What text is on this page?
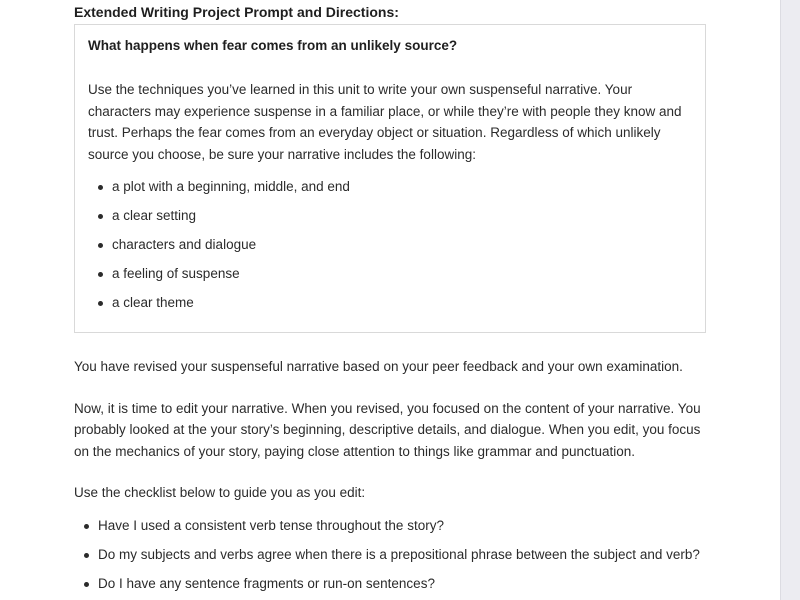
Extended Writing Project Prompt and Directions:
What happens when fear comes from an unlikely source?

Use the techniques you’ve learned in this unit to write your own suspenseful narrative. Your characters may experience suspense in a familiar place, or while they’re with people they know and trust. Perhaps the fear comes from an everyday object or situation. Regardless of which unlikely source you choose, be sure your narrative includes the following:

a plot with a beginning, middle, and end
a clear setting
characters and dialogue
a feeling of suspense
a clear theme

You have revised your suspenseful narrative based on your peer feedback and your own examination.

Now, it is time to edit your narrative. When you revised, you focused on the content of your narrative. You probably looked at the your story’s beginning, descriptive details, and dialogue. When you edit, you focus on the mechanics of your story, paying close attention to things like grammar and punctuation.

Use the checklist below to guide you as you edit:

Have I used a consistent verb tense throughout the story?
Do my subjects and verbs agree when there is a prepositional phrase between the subject and verb?
Do I have any sentence fragments or run-on sentences?
